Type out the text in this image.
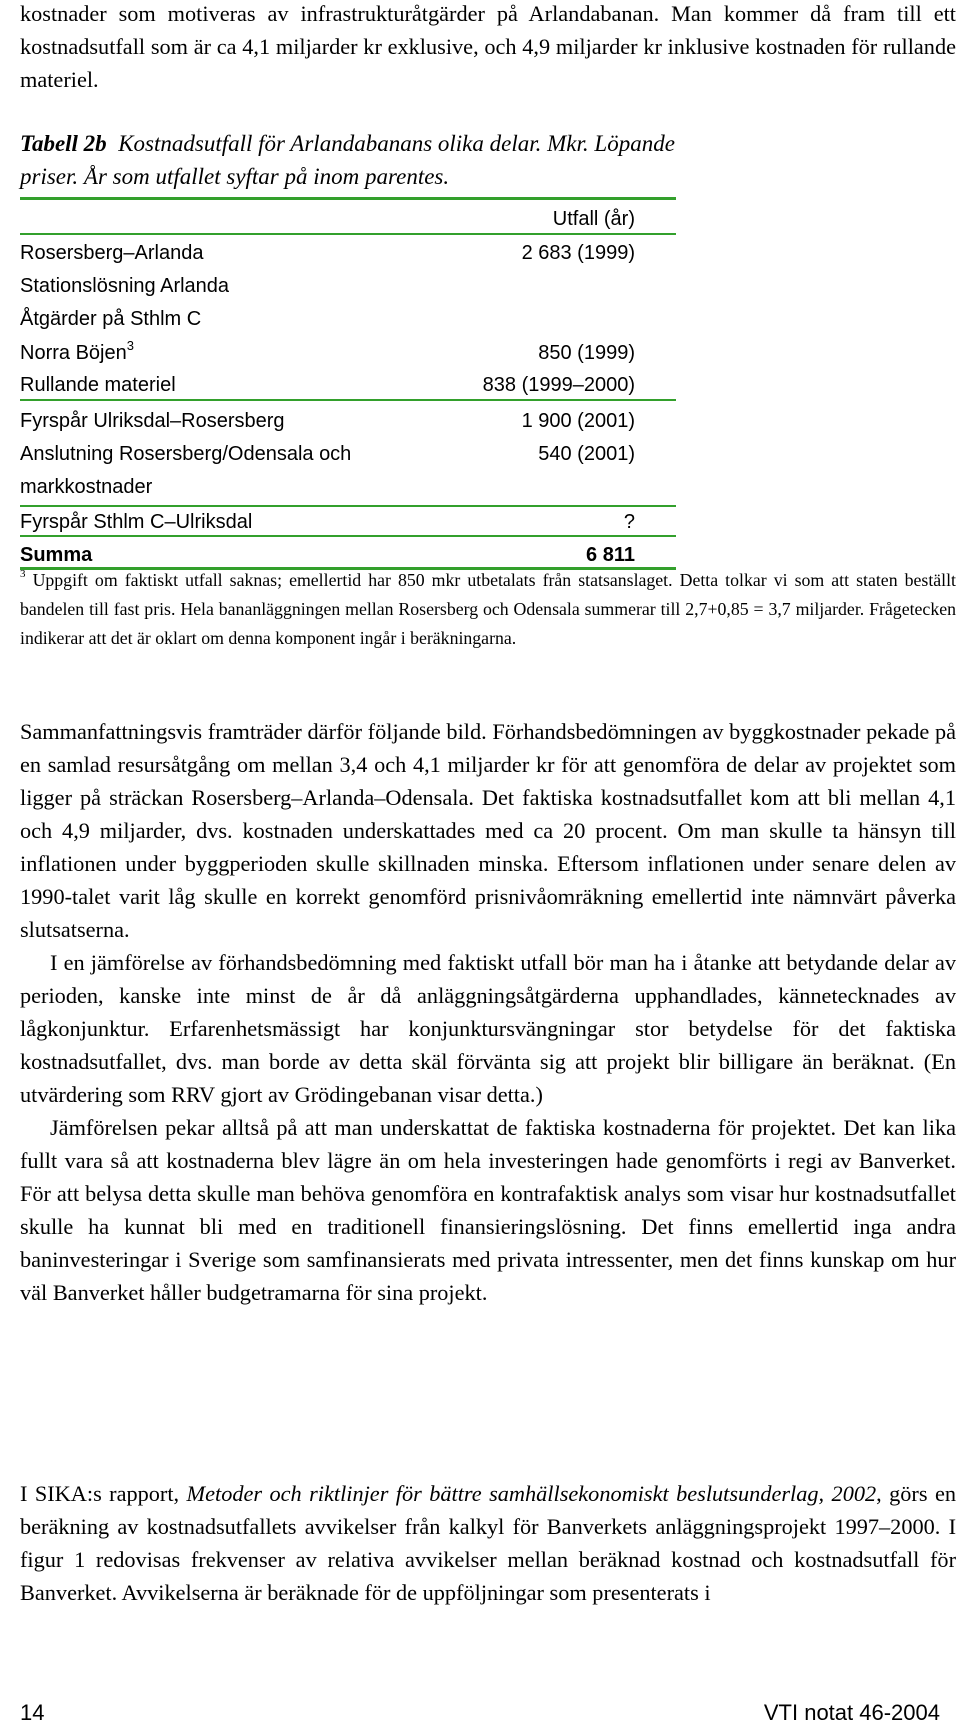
kostnader som motiveras av infrastrukturåtgärder på Arlandabanan. Man kommer då fram till ett kostnadsutfall som är ca 4,1 miljarder kr exklusive, och 4,9 miljarder kr inklusive kostnaden för rullande materiel.

Tabell 2b Kostnadsutfall för Arlandabanans olika delar. Mkr. Löpande priser. År som utfallet syftar på inom parentes.
Utfall (år)
Rosersberg–Arlanda	2 683 (1999)
Stationslösning Arlanda
Åtgärder på Sthlm C
Norra Böjen$^3$	850 (1999)
Rullande materiel	838 (1999–2000)
Fyrspår Ulriksdal–Rosersberg	1 900 (2001)
Anslutning Rosersberg/Odensala och	540 (2001)
markkostnader
Fyrspår Sthlm C–Ulriksdal	?
Summa	6 811
$^3$ Uppgift om faktiskt utfall saknas; emellertid har 850 mkr utbetalats från statsanslaget. Detta tolkar vi som att staten beställt bandelen till fast pris. Hela bananläggningen mellan Rosersberg och Odensala summerar till 2,7+0,85 = 3,7 miljarder. Frågetecken indikerar att det är oklart om denna komponent ingår i beräkningarna.

Sammanfattningsvis framträder därför följande bild. Förhandsbedömningen av byggkostnader pekade på en samlad resursåtgång om mellan 3,4 och 4,1 miljarder kr för att genomföra de delar av projektet som ligger på sträckan Rosersberg–Arlanda–Odensala. Det faktiska kostnadsutfallet kom att bli mellan 4,1 och 4,9 miljarder, dvs. kostnaden underskattades med ca 20 procent. Om man skulle ta hänsyn till inflationen under byggperioden skulle skillnaden minska. Eftersom inflationen under senare delen av 1990-talet varit låg skulle en korrekt genomförd prisnivåomräkning emellertid inte nämnvärt påverka slutsatserna.

I en jämförelse av förhandsbedömning med faktiskt utfall bör man ha i åtanke att betydande delar av perioden, kanske inte minst de år då anläggningsåtgärderna upphandlades, kännetecknades av lågkonjunktur. Erfarenhetsmässigt har konjunktursvängningar stor betydelse för det faktiska kostnadsutfallet, dvs. man borde av detta skäl förvänta sig att projekt blir billigare än beräknat. (En utvärdering som RRV gjort av Grödingebanan visar detta.)

Jämförelsen pekar alltså på att man underskattat de faktiska kostnaderna för projektet. Det kan lika fullt vara så att kostnaderna blev lägre än om hela investeringen hade genomförts i regi av Banverket. För att belysa detta skulle man behöva genomföra en kontrafaktisk analys som visar hur kostnadsutfallet skulle ha kunnat bli med en traditionell finansieringslösning. Det finns emellertid inga andra baninvesteringar i Sverige som samfinansierats med privata intressenter, men det finns kunskap om hur väl Banverket håller budgetramarna för sina projekt.

I SIKA:s rapport, Metoder och riktlinjer för bättre samhällsekonomiskt beslutsunderlag, 2002, görs en beräkning av kostnadsutfallets avvikelser från kalkyl för Banverkets anläggningsprojekt 1997–2000. I figur 1 redovisas frekvenser av relativa avvikelser mellan beräknad kostnad och kostnadsutfall för Banverket. Avvikelserna är beräknade för de uppföljningar som presenterats i

14	VTI notat 46-2004
